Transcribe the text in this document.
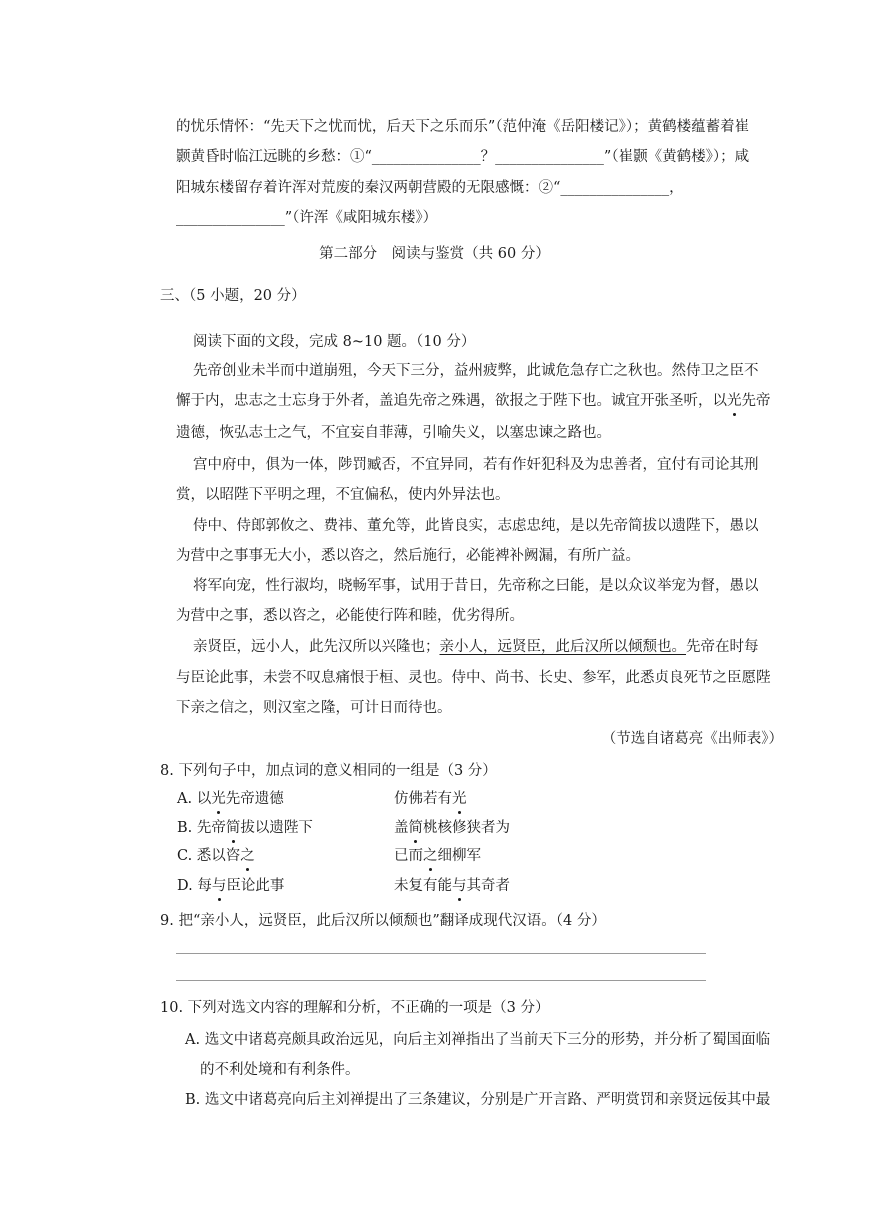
的忧乐情怀：“先天下之忧而忧，后天下之乐而乐”（范仲淹《岳阳楼记》）；黄鹤楼蕴蓄着崔
颢黄昏时临江远眺的乡愁：①“_______________？_______________”（崔颢《黄鹤楼》）；咸
阳城东楼留存着许浑对荒废的秦汉两朝营殿的无限感慨：②“_______________，
_______________”（许浑《咸阳城东楼》）
第二部分　阅读与鉴赏（共 60 分）
三、（5 小题，20 分）
阅读下面的文段，完成 8~10 题。（10 分）
先帝创业未半而中道崩殂，今天下三分，益州疲弊，此诚危急存亡之秋也。然侍卫之臣不
懈于内，忠志之士忘身于外者，盖追先帝之殊遇，欲报之于陛下也。诚宜开张圣听，以光先帝
遗德，恢弘志士之气，不宜妄自菲薄，引喻失义，以塞忠谏之路也。
宫中府中，俱为一体，陟罚臧否，不宜异同，若有作奸犯科及为忠善者，宜付有司论其刑
赏，以昭陛下平明之理，不宜偏私，使内外异法也。
侍中、侍郎郭攸之、费祎、董允等，此皆良实，志虑忠纯，是以先帝简拔以遗陛下，愚以
为营中之事事无大小，悉以咨之，然后施行，必能裨补阙漏，有所广益。
将军向宠，性行淑均，晓畅军事，试用于昔日，先帝称之曰能，是以众议举宠为督，愚以
为营中之事，悉以咨之，必能使行阵和睦，优劣得所。
亲贤臣，远小人，此先汉所以兴隆也；亲小人，远贤臣，此后汉所以倾颓也。先帝在时每
与臣论此事，未尝不叹息痛恨于桓、灵也。侍中、尚书、长史、参军，此悉贞良死节之臣愿陛
下亲之信之，则汉室之隆，可计日而待也。
（节选自诸葛亮《出师表》）
8. 下列句子中，加点词的意义相同的一组是（3 分）
A. 以光先帝遗德	仿佛若有光
B. 先帝简拔以遗陛下	盖简桃核修狭者为
C. 悉以咨之	已而之细柳军
D. 每与臣论此事	未复有能与其奇者
9. 把“亲小人，远贤臣，此后汉所以倾颓也”翻译成现代汉语。（4 分）
10. 下列对选文内容的理解和分析，不正确的一项是（3 分）
A. 选文中诸葛亮颇具政治远见，向后主刘禅指出了当前天下三分的形势，并分析了蜀国面临
的不利处境和有利条件。
B. 选文中诸葛亮向后主刘禅提出了三条建议，分别是广开言路、严明赏罚和亲贤远佞其中最
